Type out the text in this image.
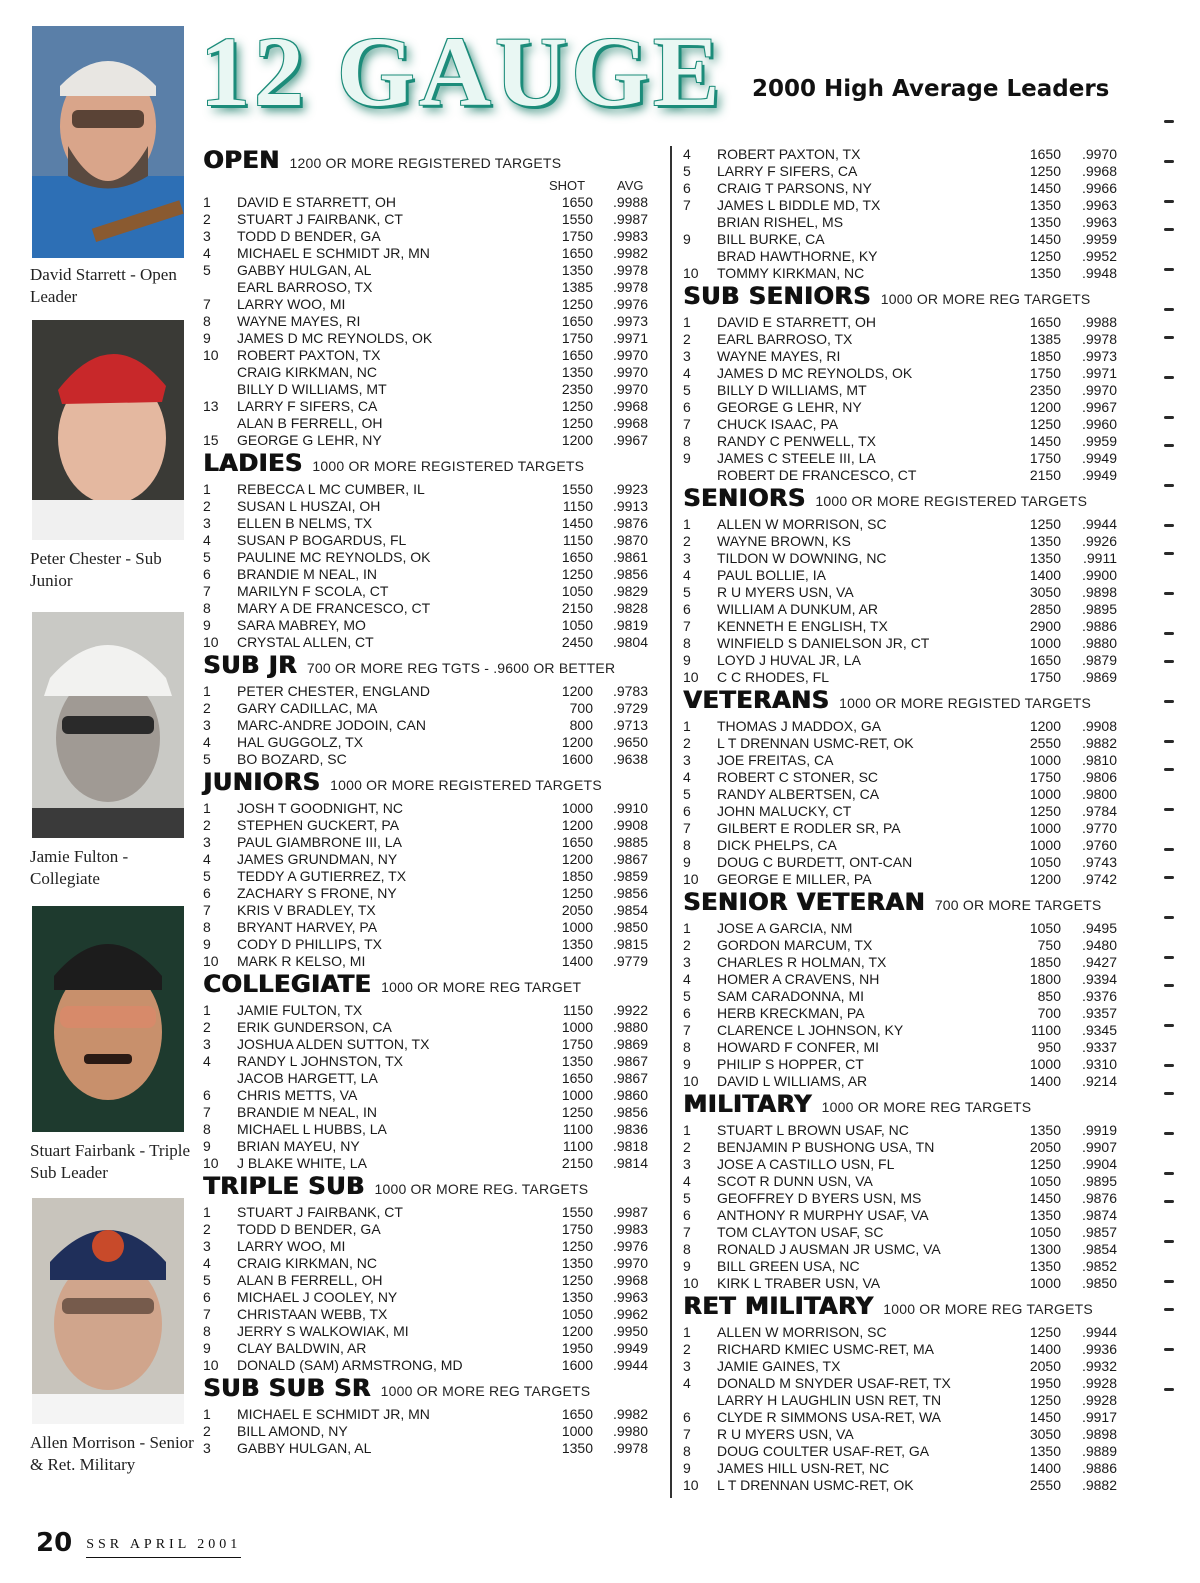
12 GAUGE 2000 High Average Leaders
David Starrett - Open Leader
Peter Chester - Sub Junior
Jamie Fulton - Collegiate
Stuart Fairbank - Triple Sub Leader
Allen Morrison - Senior & Ret. Military
OPEN 1200 OR MORE REGISTERED TARGETS
SHOT AVG
1	DAVID E STARRETT, OH	1650	.9988
2	STUART J FAIRBANK, CT	1550	.9987
3	TODD D BENDER, GA	1750	.9983
4	MICHAEL E SCHMIDT JR, MN	1650	.9982
5	GABBY HULGAN, AL	1350	.9978
EARL BARROSO, TX	1385	.9978
7	LARRY WOO, MI	1250	.9976
8	WAYNE MAYES, RI	1650	.9973
9	JAMES D MC REYNOLDS, OK	1750	.9971
10	ROBERT PAXTON, TX	1650	.9970
CRAIG KIRKMAN, NC	1350	.9970
BILLY D WILLIAMS, MT	2350	.9970
13	LARRY F SIFERS, CA	1250	.9968
ALAN B FERRELL, OH	1250	.9968
15	GEORGE G LEHR, NY	1200	.9967
LADIES 1000 OR MORE REGISTERED TARGETS
1	REBECCA L MC CUMBER, IL	1550	.9923
2	SUSAN L HUSZAI, OH	1150	.9913
3	ELLEN B NELMS, TX	1450	.9876
4	SUSAN P BOGARDUS, FL	1150	.9870
5	PAULINE MC REYNOLDS, OK	1650	.9861
6	BRANDIE M NEAL, IN	1250	.9856
7	MARILYN F SCOLA, CT	1050	.9829
8	MARY A DE FRANCESCO, CT	2150	.9828
9	SARA MABREY, MO	1050	.9819
10	CRYSTAL ALLEN, CT	2450	.9804
SUB JR 700 OR MORE REG TGTS - .9600 OR BETTER
1	PETER CHESTER, ENGLAND	1200	.9783
2	GARY CADILLAC, MA	700	.9729
3	MARC-ANDRE JODOIN, CAN	800	.9713
4	HAL GUGGOLZ, TX	1200	.9650
5	BO BOZARD, SC	1600	.9638
JUNIORS 1000 OR MORE REGISTERED TARGETS
1	JOSH T GOODNIGHT, NC	1000	.9910
2	STEPHEN GUCKERT, PA	1200	.9908
3	PAUL GIAMBRONE III, LA	1650	.9885
4	JAMES GRUNDMAN, NY	1200	.9867
5	TEDDY A GUTIERREZ, TX	1850	.9859
6	ZACHARY S FRONE, NY	1250	.9856
7	KRIS V BRADLEY, TX	2050	.9854
8	BRYANT HARVEY, PA	1000	.9850
9	CODY D PHILLIPS, TX	1350	.9815
10	MARK R KELSO, MI	1400	.9779
COLLEGIATE 1000 OR MORE REG TARGET
1	JAMIE FULTON, TX	1150	.9922
2	ERIK GUNDERSON, CA	1000	.9880
3	JOSHUA ALDEN SUTTON, TX	1750	.9869
4	RANDY L JOHNSTON, TX	1350	.9867
JACOB HARGETT, LA	1650	.9867
6	CHRIS METTS, VA	1000	.9860
7	BRANDIE M NEAL, IN	1250	.9856
8	MICHAEL L HUBBS, LA	1100	.9836
9	BRIAN MAYEU, NY	1100	.9818
10	J BLAKE WHITE, LA	2150	.9814
TRIPLE SUB 1000 OR MORE REG. TARGETS
1	STUART J FAIRBANK, CT	1550	.9987
2	TODD D BENDER, GA	1750	.9983
3	LARRY WOO, MI	1250	.9976
4	CRAIG KIRKMAN, NC	1350	.9970
5	ALAN B FERRELL, OH	1250	.9968
6	MICHAEL J COOLEY, NY	1350	.9963
7	CHRISTAAN WEBB, TX	1050	.9962
8	JERRY S WALKOWIAK, MI	1200	.9950
9	CLAY BALDWIN, AR	1950	.9949
10	DONALD (SAM) ARMSTRONG, MD	1600	.9944
SUB SUB SR 1000 OR MORE REG TARGETS
1	MICHAEL E SCHMIDT JR, MN	1650	.9982
2	BILL AMOND, NY	1000	.9980
3	GABBY HULGAN, AL	1350	.9978
4	ROBERT PAXTON, TX	1650	.9970
5	LARRY F SIFERS, CA	1250	.9968
6	CRAIG T PARSONS, NY	1450	.9966
7	JAMES L BIDDLE MD, TX	1350	.9963
BRIAN RISHEL, MS	1350	.9963
9	BILL BURKE, CA	1450	.9959
BRAD HAWTHORNE, KY	1250	.9952
10	TOMMY KIRKMAN, NC	1350	.9948
SUB SENIORS 1000 OR MORE REG TARGETS
1	DAVID E STARRETT, OH	1650	.9988
2	EARL BARROSO, TX	1385	.9978
3	WAYNE MAYES, RI	1850	.9973
4	JAMES D MC REYNOLDS, OK	1750	.9971
5	BILLY D WILLIAMS, MT	2350	.9970
6	GEORGE G LEHR, NY	1200	.9967
7	CHUCK ISAAC, PA	1250	.9960
8	RANDY C PENWELL, TX	1450	.9959
9	JAMES C STEELE III, LA	1750	.9949
ROBERT DE FRANCESCO, CT	2150	.9949
SENIORS 1000 OR MORE REGISTERED TARGETS
1	ALLEN W MORRISON, SC	1250	.9944
2	WAYNE BROWN, KS	1350	.9926
3	TILDON W DOWNING, NC	1350	.9911
4	PAUL BOLLIE, IA	1400	.9900
5	R U MYERS USN, VA	3050	.9898
6	WILLIAM A DUNKUM, AR	2850	.9895
7	KENNETH E ENGLISH, TX	2900	.9886
8	WINFIELD S DANIELSON JR, CT	1000	.9880
9	LOYD J HUVAL JR, LA	1650	.9879
10	C C RHODES, FL	1750	.9869
VETERANS 1000 OR MORE REGISTED TARGETS
1	THOMAS J MADDOX, GA	1200	.9908
2	L T DRENNAN USMC-RET, OK	2550	.9882
3	JOE FREITAS, CA	1000	.9810
4	ROBERT C STONER, SC	1750	.9806
5	RANDY ALBERTSEN, CA	1000	.9800
6	JOHN MALUCKY, CT	1250	.9784
7	GILBERT E RODLER SR, PA	1000	.9770
8	DICK PHELPS, CA	1000	.9760
9	DOUG C BURDETT, ONT-CAN	1050	.9743
10	GEORGE E MILLER, PA	1200	.9742
SENIOR VETERAN 700 OR MORE TARGETS
1	JOSE A GARCIA, NM	1050	.9495
2	GORDON MARCUM, TX	750	.9480
3	CHARLES R HOLMAN, TX	1850	.9427
4	HOMER A CRAVENS, NH	1800	.9394
5	SAM CARADONNA, MI	850	.9376
6	HERB KRECKMAN, PA	700	.9357
7	CLARENCE L JOHNSON, KY	1100	.9345
8	HOWARD F CONFER, MI	950	.9337
9	PHILIP S HOPPER, CT	1000	.9310
10	DAVID L WILLIAMS, AR	1400	.9214
MILITARY 1000 OR MORE REG TARGETS
1	STUART L BROWN USAF, NC	1350	.9919
2	BENJAMIN P BUSHONG USA, TN	2050	.9907
3	JOSE A CASTILLO USN, FL	1250	.9904
4	SCOT R DUNN USN, VA	1050	.9895
5	GEOFFREY D BYERS USN, MS	1450	.9876
6	ANTHONY R MURPHY USAF, VA	1350	.9874
7	TOM CLAYTON USAF, SC	1050	.9857
8	RONALD J AUSMAN JR USMC, VA	1300	.9854
9	BILL GREEN USA, NC	1350	.9852
10	KIRK L TRABER USN, VA	1000	.9850
RET MILITARY 1000 OR MORE REG TARGETS
1	ALLEN W MORRISON, SC	1250	.9944
2	RICHARD KMIEC USMC-RET, MA	1400	.9936
3	JAMIE GAINES, TX	2050	.9932
4	DONALD M SNYDER USAF-RET, TX	1950	.9928
LARRY H LAUGHLIN USN RET, TN	1250	.9928
6	CLYDE R SIMMONS USA-RET, WA	1450	.9917
7	R U MYERS USN, VA	3050	.9898
8	DOUG COULTER USAF-RET, GA	1350	.9889
9	JAMES HILL USN-RET, NC	1400	.9886
10	L T DRENNAN USMC-RET, OK	2550	.9882
20 SSR APRIL 2001
